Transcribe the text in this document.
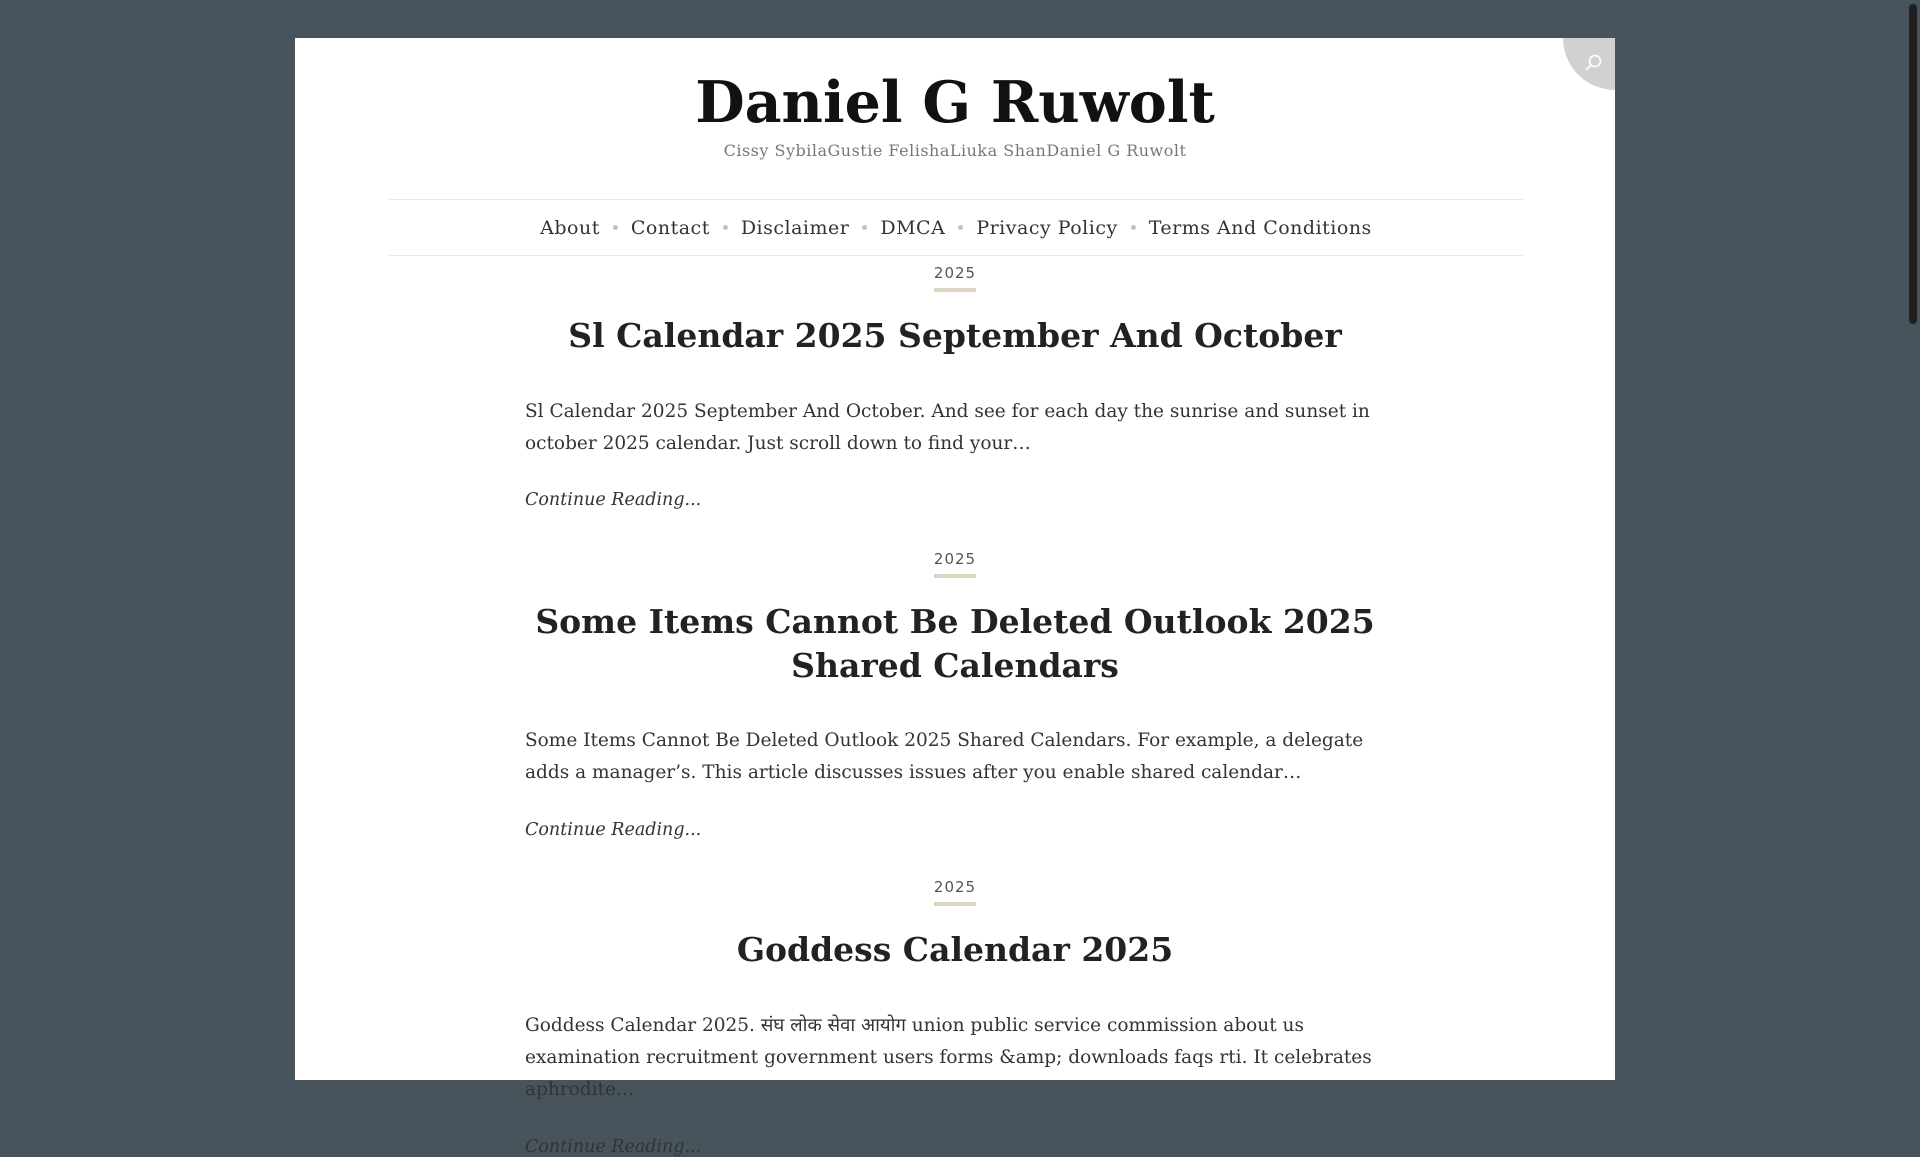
Daniel G Ruwolt
Cissy SybilaGustie FelishaLiuka ShanDaniel G Ruwolt
About Contact Disclaimer DMCA Privacy Policy Terms And Conditions
2025
Sl Calendar 2025 September And October
Sl Calendar 2025 September And October. And see for each day the sunrise and sunset in october 2025 calendar. Just scroll down to find your…
Continue Reading...
2025
Some Items Cannot Be Deleted Outlook 2025 Shared Calendars
Some Items Cannot Be Deleted Outlook 2025 Shared Calendars. For example, a delegate adds a manager’s. This article discusses issues after you enable shared calendar…
Continue Reading...
2025
Goddess Calendar 2025
Goddess Calendar 2025. संघ लोक सेवा आयोग union public service commission about us examination recruitment government users forms &amp; downloads faqs rti. It celebrates aphrodite…
Continue Reading...
